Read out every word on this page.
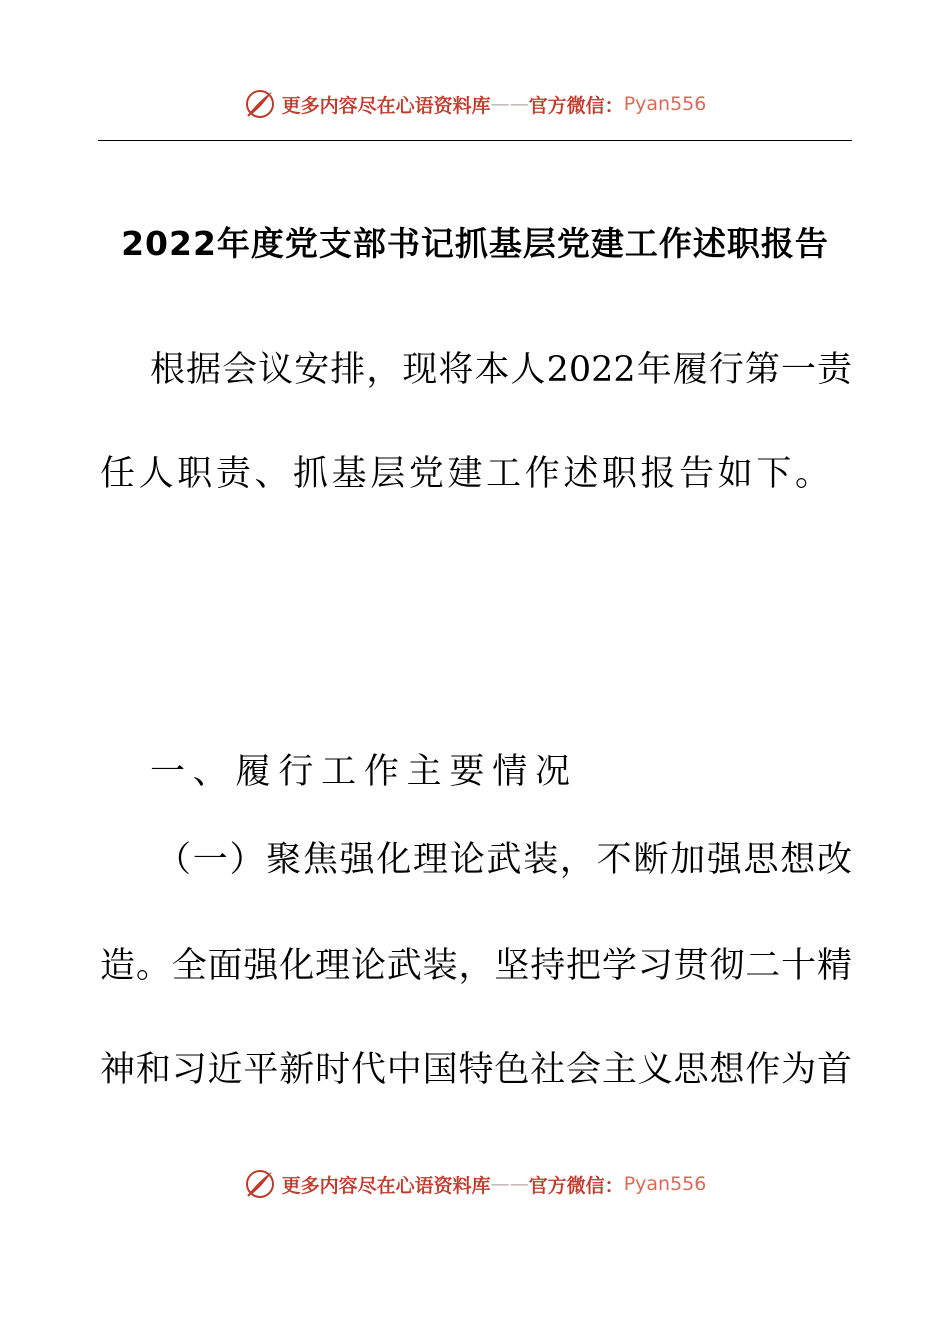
更多内容尽在心语资料库 —— 官方微信： Pyan556
2022年度党支部书记抓基层党建工作述职报告
根据会议安排，现将本人2022年履行第一责
任人职责、抓基层党建工作述职报告如下。
一、履行工作主要情况
（一）聚焦强化理论武装，不断加强思想改
造。全面强化理论武装，坚持把学习贯彻二十精
神和习近平新时代中国特色社会主义思想作为首
更多内容尽在心语资料库 —— 官方微信： Pyan556
